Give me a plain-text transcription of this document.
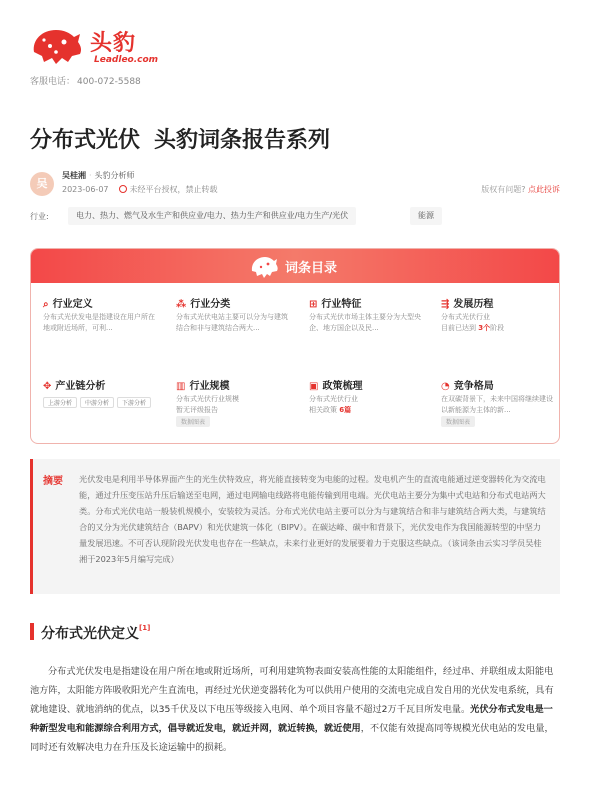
头豹
Leadleo.com
客服电话： 400-072-5588
分布式光伏 头豹词条报告系列
吴
吴桂湘 · 头豹分析师
2023-06-07	未经平台授权，禁止转载	版权有问题? 点此投诉
行业:	电力、热力、燃气及水生产和供应业/电力、热力生产和供应业/电力生产/光伏	能源
词条目录
⌕ 行业定义
分布式光伏发电是指建设在用户所在地或附近场所，可利...
⁂ 行业分类
分布式光伏电站主要可以分为与建筑结合和非与建筑结合两大...
⊞ 行业特征
分布式光伏市场主体主要分为大型央企、地方国企以及民...
⇶ 发展历程
分布式光伏行业
目前已达到 3个阶段
✥ 产业链分析
上游分析 中游分析 下游分析
▥ 行业规模
分布式光伏行业规模
暂无评级报告
数据图表
▣ 政策梳理
分布式光伏行业
相关政策 6篇
◔ 竞争格局
在双碳背景下，未来中国将继续建设以新能源为主体的新...
数据图表
摘要 光伏发电是利用半导体界面产生的光生伏特效应，将光能直接转变为电能的过程。发电机产生的直流电能通过逆变器转化为交流电能，通过升压变压站升压后输送至电网，通过电网输电线路将电能传输到用电端。光伏电站主要分为集中式电站和分布式电站两大类。分布式光伏电站一般装机规模小，安装较为灵活。分布式光伏电站主要可以分为与建筑结合和非与建筑结合两大类，与建筑结合的又分为光伏建筑结合（BAPV）和光伏建筑一体化（BIPV）。在碳达峰、碳中和背景下，光伏发电作为我国能源转型的中坚力量发展迅速。不可否认现阶段光伏发电也存在一些缺点，未来行业更好的发展要着力于克服这些缺点。（该词条由云实习学员吴桂湘于2023年5月编写完成）
分布式光伏定义[1]
分布式光伏发电是指建设在用户所在地或附近场所，可利用建筑物表面安装高性能的太阳能组件，经过串、并联组成太阳能电池方阵，太阳能方阵吸收阳光产生直流电，再经过光伏逆变器转化为可以供用户使用的交流电完成自发自用的光伏发电系统，具有就地建设、就地消纳的优点，以35千伏及以下电压等级接入电网、单个项目容量不超过2万千瓦目所发电量。光伏分布式发电是一种新型发电和能源综合利用方式，倡导就近发电，就近并网，就近转换，就近使用，不仅能有效提高同等规模光伏电站的发电量，同时还有效解决电力在升压及长途运输中的损耗。
